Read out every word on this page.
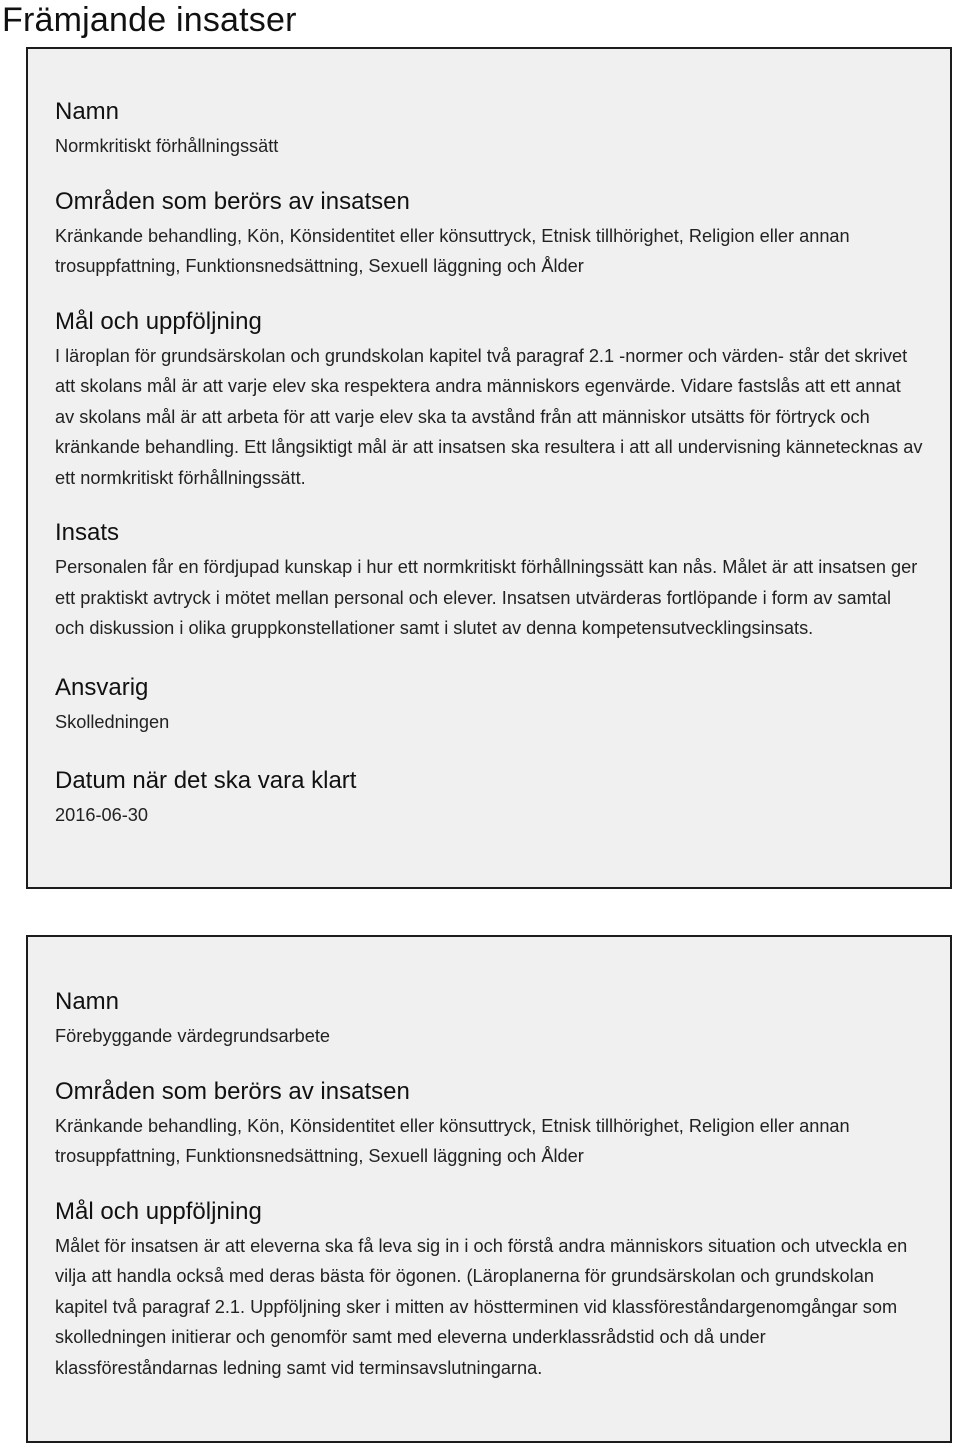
Främjande insatser
Namn

Normkritiskt förhållningssätt

Områden som berörs av insatsen

Kränkande behandling, Kön, Könsidentitet eller könsuttryck, Etnisk tillhörighet, Religion eller annan trosuppfattning, Funktionsnedsättning, Sexuell läggning och Ålder

Mål och uppföljning

I läroplan för grundsärskolan och grundskolan kapitel två paragraf 2.1 -normer och värden- står det skrivet att skolans mål är att varje elev ska respektera andra människors egenvärde. Vidare fastslås att ett annat av skolans mål är att arbeta för att varje elev ska ta avstånd från att människor utsätts för förtryck och kränkande behandling. Ett långsiktigt mål är att insatsen ska resultera i att all undervisning kännetecknas av ett normkritiskt förhållningssätt.

Insats

Personalen får en fördjupad kunskap i hur ett normkritiskt förhållningssätt kan nås. Målet är att insatsen ger ett praktiskt avtryck i mötet mellan personal och elever. Insatsen utvärderas fortlöpande i form av samtal och diskussion i olika gruppkonstellationer samt i slutet av denna kompetensutvecklingsinsats.

Ansvarig

Skolledningen

Datum när det ska vara klart

2016-06-30

Namn

Förebyggande värdegrundsarbete

Områden som berörs av insatsen

Kränkande behandling, Kön, Könsidentitet eller könsuttryck, Etnisk tillhörighet, Religion eller annan trosuppfattning, Funktionsnedsättning, Sexuell läggning och Ålder

Mål och uppföljning

Målet för insatsen är att eleverna ska få leva sig in i och förstå andra människors situation och utveckla en vilja att handla också med deras bästa för ögonen. (Läroplanerna för grundsärskolan och grundskolan kapitel två paragraf 2.1. Uppföljning sker i mitten av höstterminen vid klassföreståndargenomgångar som skolledningen initierar och genomför samt med eleverna underklassrådstid och då under klassföreståndarnas ledning samt vid terminsavslutningarna.
